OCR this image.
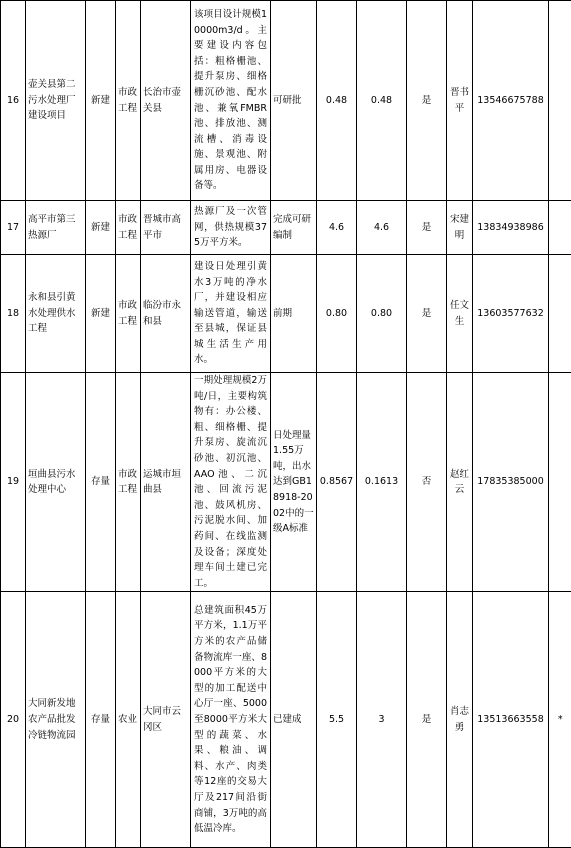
16	壶关县第二污水处理厂建设项目	新建	市政工程	长治市壶关县	该项目设计规模10000m3/d。主要建设内容包括：粗格栅池、提升泵房、细格栅沉砂池、配水池、兼氧FMBR池、排放池、测流槽、消毒设施、景观池、附属用房、电器设备等。	可研批	0.48	0.48	是	晋书平	13546675788	
17	高平市第三热源厂	新建	市政工程	晋城市高平市	热源厂及一次管网，供热规模375万平方米。	完成可研编制	4.6	4.6	是	宋建明	13834938986	
18	永和县引黄水处理供水工程	新建	市政工程	临汾市永和县	建设日处理引黄水3万吨的净水厂，并建设相应输送管道，输送至县城，保证县城生活生产用水。	前期	0.80	0.80	是	任文生	13603577632	
19	垣曲县污水处理中心	存量	市政工程	运城市垣曲县	一期处理规模2万吨/日，主要构筑物有：办公楼、粗、细格栅、提升泵房、旋流沉砂池、初沉池、AAO池、二沉池、回流污泥池、鼓风机房、污泥脱水间、加药间、在线监测及设备；深度处理车间土建已完工。	日处理量1.55万吨，出水达到GB18918-2002中的一级A标准	0.8567	0.1613	否	赵红云	17835385000	
20	大同新发地农产品批发冷链物流园	存量	农业	大同市云冈区	总建筑面积45万平方米，1.1万平方米的农产品储备物流库一座、8000平方米的大型的加工配送中心厅一座、5000至8000平方米大型的蔬菜、水果、粮油、调料、水产、肉类等12座的交易大厅及217间沿街商铺，3万吨的高低温冷库。	已建成	5.5	3	是	肖志勇	13513663558	*
